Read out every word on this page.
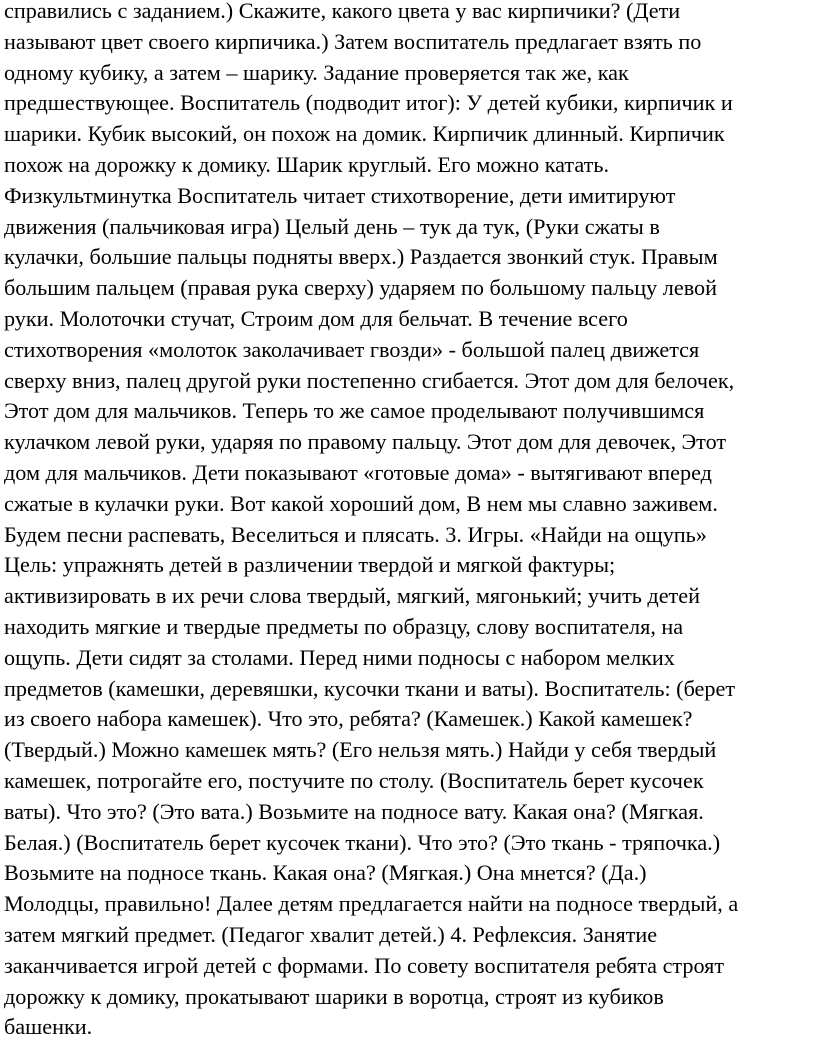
справились с заданием.) Скажите, какого цвета у вас кирпичики? (Дети
называют цвет своего кирпичика.) Затем воспитатель предлагает взять по
одному кубику, а затем – шарику. Задание проверяется так же, как
предшествующее. Воспитатель (подводит итог): У детей кубики, кирпичик и
шарики. Кубик высокий, он похож на домик. Кирпичик длинный. Кирпичик
похож на дорожку к домику. Шарик круглый. Его можно катать.
Физкультминутка Воспитатель читает стихотворение, дети имитируют
движения (пальчиковая игра) Целый день – тук да тук, (Руки сжаты в
кулачки, большие пальцы подняты вверх.) Раздается звонкий стук. Правым
большим пальцем (правая рука сверху) ударяем по большому пальцу левой
руки. Молоточки стучат, Строим дом для бельчат. В течение всего
стихотворения «молоток заколачивает гвозди» - большой палец движется
сверху вниз, палец другой руки постепенно сгибается. Этот дом для белочек,
Этот дом для мальчиков. Теперь то же самое проделывают получившимся
кулачком левой руки, ударяя по правому пальцу. Этот дом для девочек, Этот
дом для мальчиков. Дети показывают «готовые дома» - вытягивают вперед
сжатые в кулачки руки. Вот какой хороший дом, В нем мы славно заживем.
Будем песни распевать, Веселиться и плясать. 3. Игры. «Найди на ощупь»
Цель: упражнять детей в различении твердой и мягкой фактуры;
активизировать в их речи слова твердый, мягкий, мягонький; учить детей
находить мягкие и твердые предметы по образцу, слову воспитателя, на
ощупь. Дети сидят за столами. Перед ними подносы с набором мелких
предметов (камешки, деревяшки, кусочки ткани и ваты). Воспитатель: (берет
из своего набора камешек). Что это, ребята? (Камешек.) Какой камешек?
(Твердый.) Можно камешек мять? (Его нельзя мять.) Найди у себя твердый
камешек, потрогайте его, постучите по столу. (Воспитатель берет кусочек
ваты). Что это? (Это вата.) Возьмите на подносе вату. Какая она? (Мягкая.
Белая.) (Воспитатель берет кусочек ткани). Что это? (Это ткань - тряпочка.)
Возьмите на подносе ткань. Какая она? (Мягкая.) Она мнется? (Да.)
Молодцы, правильно! Далее детям предлагается найти на подносе твердый, а
затем мягкий предмет. (Педагог хвалит детей.) 4. Рефлексия. Занятие
заканчивается игрой детей с формами. По совету воспитателя ребята строят
дорожку к домику, прокатывают шарики в воротца, строят из кубиков
башенки.
